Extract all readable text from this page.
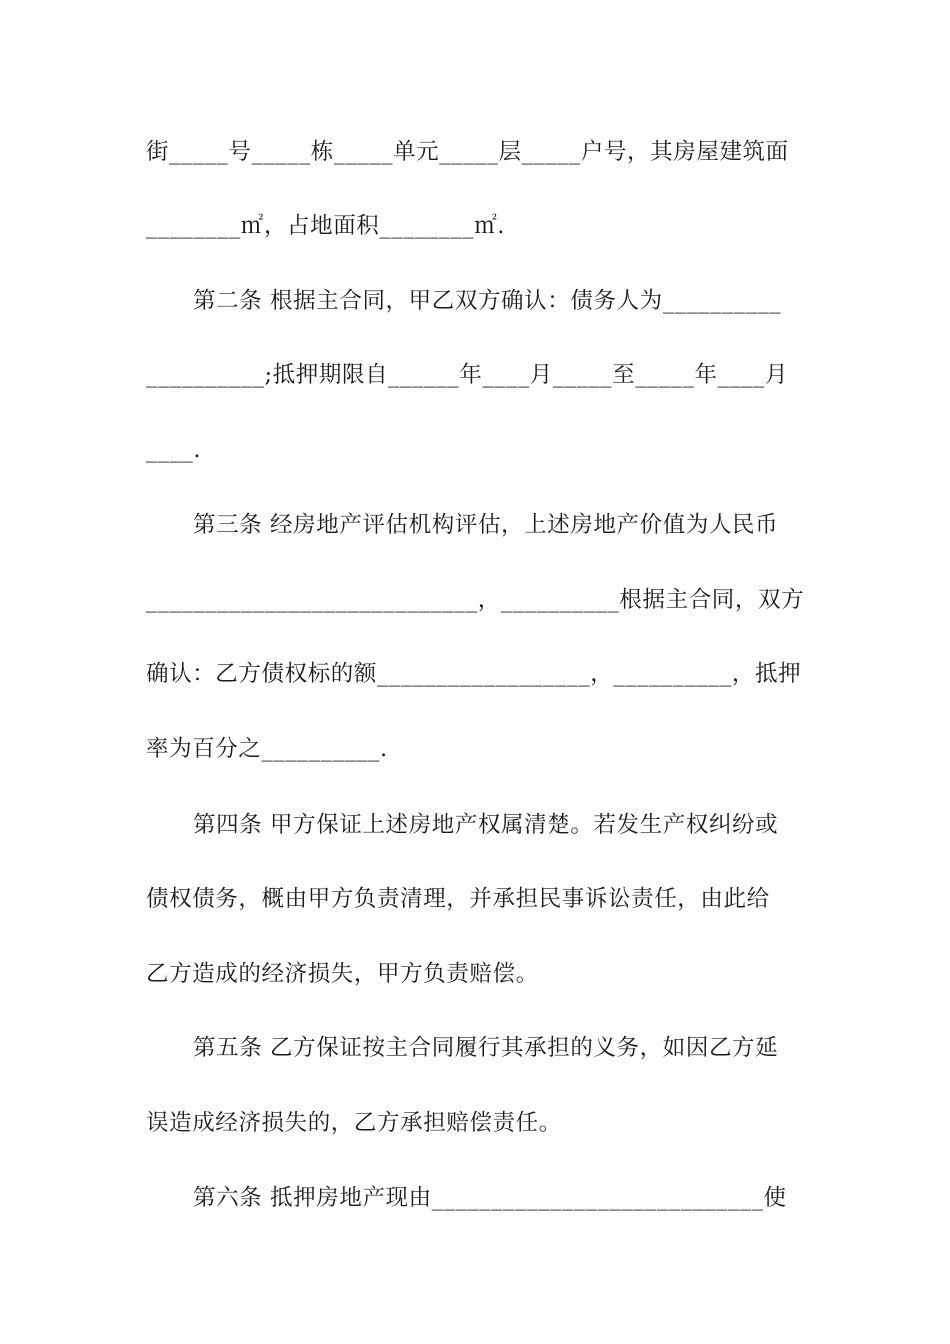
街_____号_____栋_____单元_____层_____户号，其房屋建筑面
________㎡，占地面积________㎡.
第二条 根据主合同，甲乙双方确认：债务人为__________
__________;抵押期限自______年____月_____至_____年____月
____.
第三条 经房地产评估机构评估，上述房地产价值为人民币
____________________________，__________根据主合同，双方
确认：乙方债权标的额__________________，__________，抵押
率为百分之__________.
第四条 甲方保证上述房地产权属清楚。若发生产权纠纷或
债权债务，概由甲方负责清理，并承担民事诉讼责任，由此给
乙方造成的经济损失，甲方负责赔偿。
第五条 乙方保证按主合同履行其承担的义务，如因乙方延
误造成经济损失的，乙方承担赔偿责任。
第六条 抵押房地产现由____________________________使
